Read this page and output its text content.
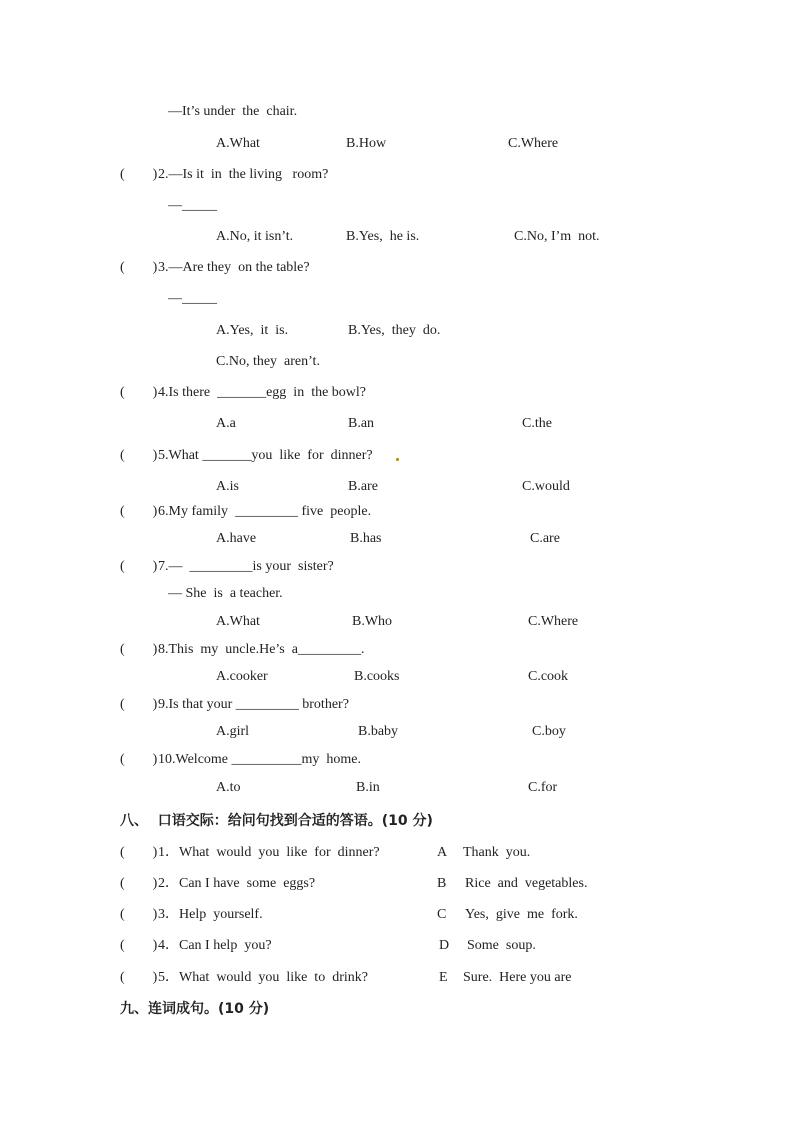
—It’s under  the  chair.
A.What	B.How	C.Where
(        ) 2.—Is it  in  the living   room?
—_____
A.No, it isn’t.	B.Yes,  he is.	C.No, I’m  not.
(        ) 3.—Are they  on the table?
—_____
A.Yes,  it  is.	B.Yes,  they  do.
C.No, they  aren’t.
(        ) 4.Is there  _______egg  in  the bowl?
A.a	B.an	C.the
(        ) 5.What _______you  like  for  dinner?
A.is	B.are	C.would
(        ) 6.My family  _________ five  people.
A.have	B.has	C.are
(        ) 7.—  _________is your  sister?
— She  is  a teacher.
A.What	B.Who	C.Where
(        ) 8.This  my  uncle.He’s  a_________.
A.cooker	B.cooks	C.cook
(        ) 9.Is that your _________ brother?
A.girl	B.baby	C.boy
(        ) 10.Welcome __________my  home.
A.to	B.in	C.for
八、  口语交际：给问句找到合适的答语。(10 分)
(        ) 1．What  would  you  like  for  dinner?	A Thank  you.
(        ) 2．Can I have  some  eggs?	B Rice  and  vegetables.
(        ) 3．Help  yourself.	C Yes,  give  me  fork.
(        ) 4．Can I help  you?	D Some  soup.
(        ) 5．What  would  you  like  to  drink?	E Sure.  Here you are
九、连词成句。(10 分)
